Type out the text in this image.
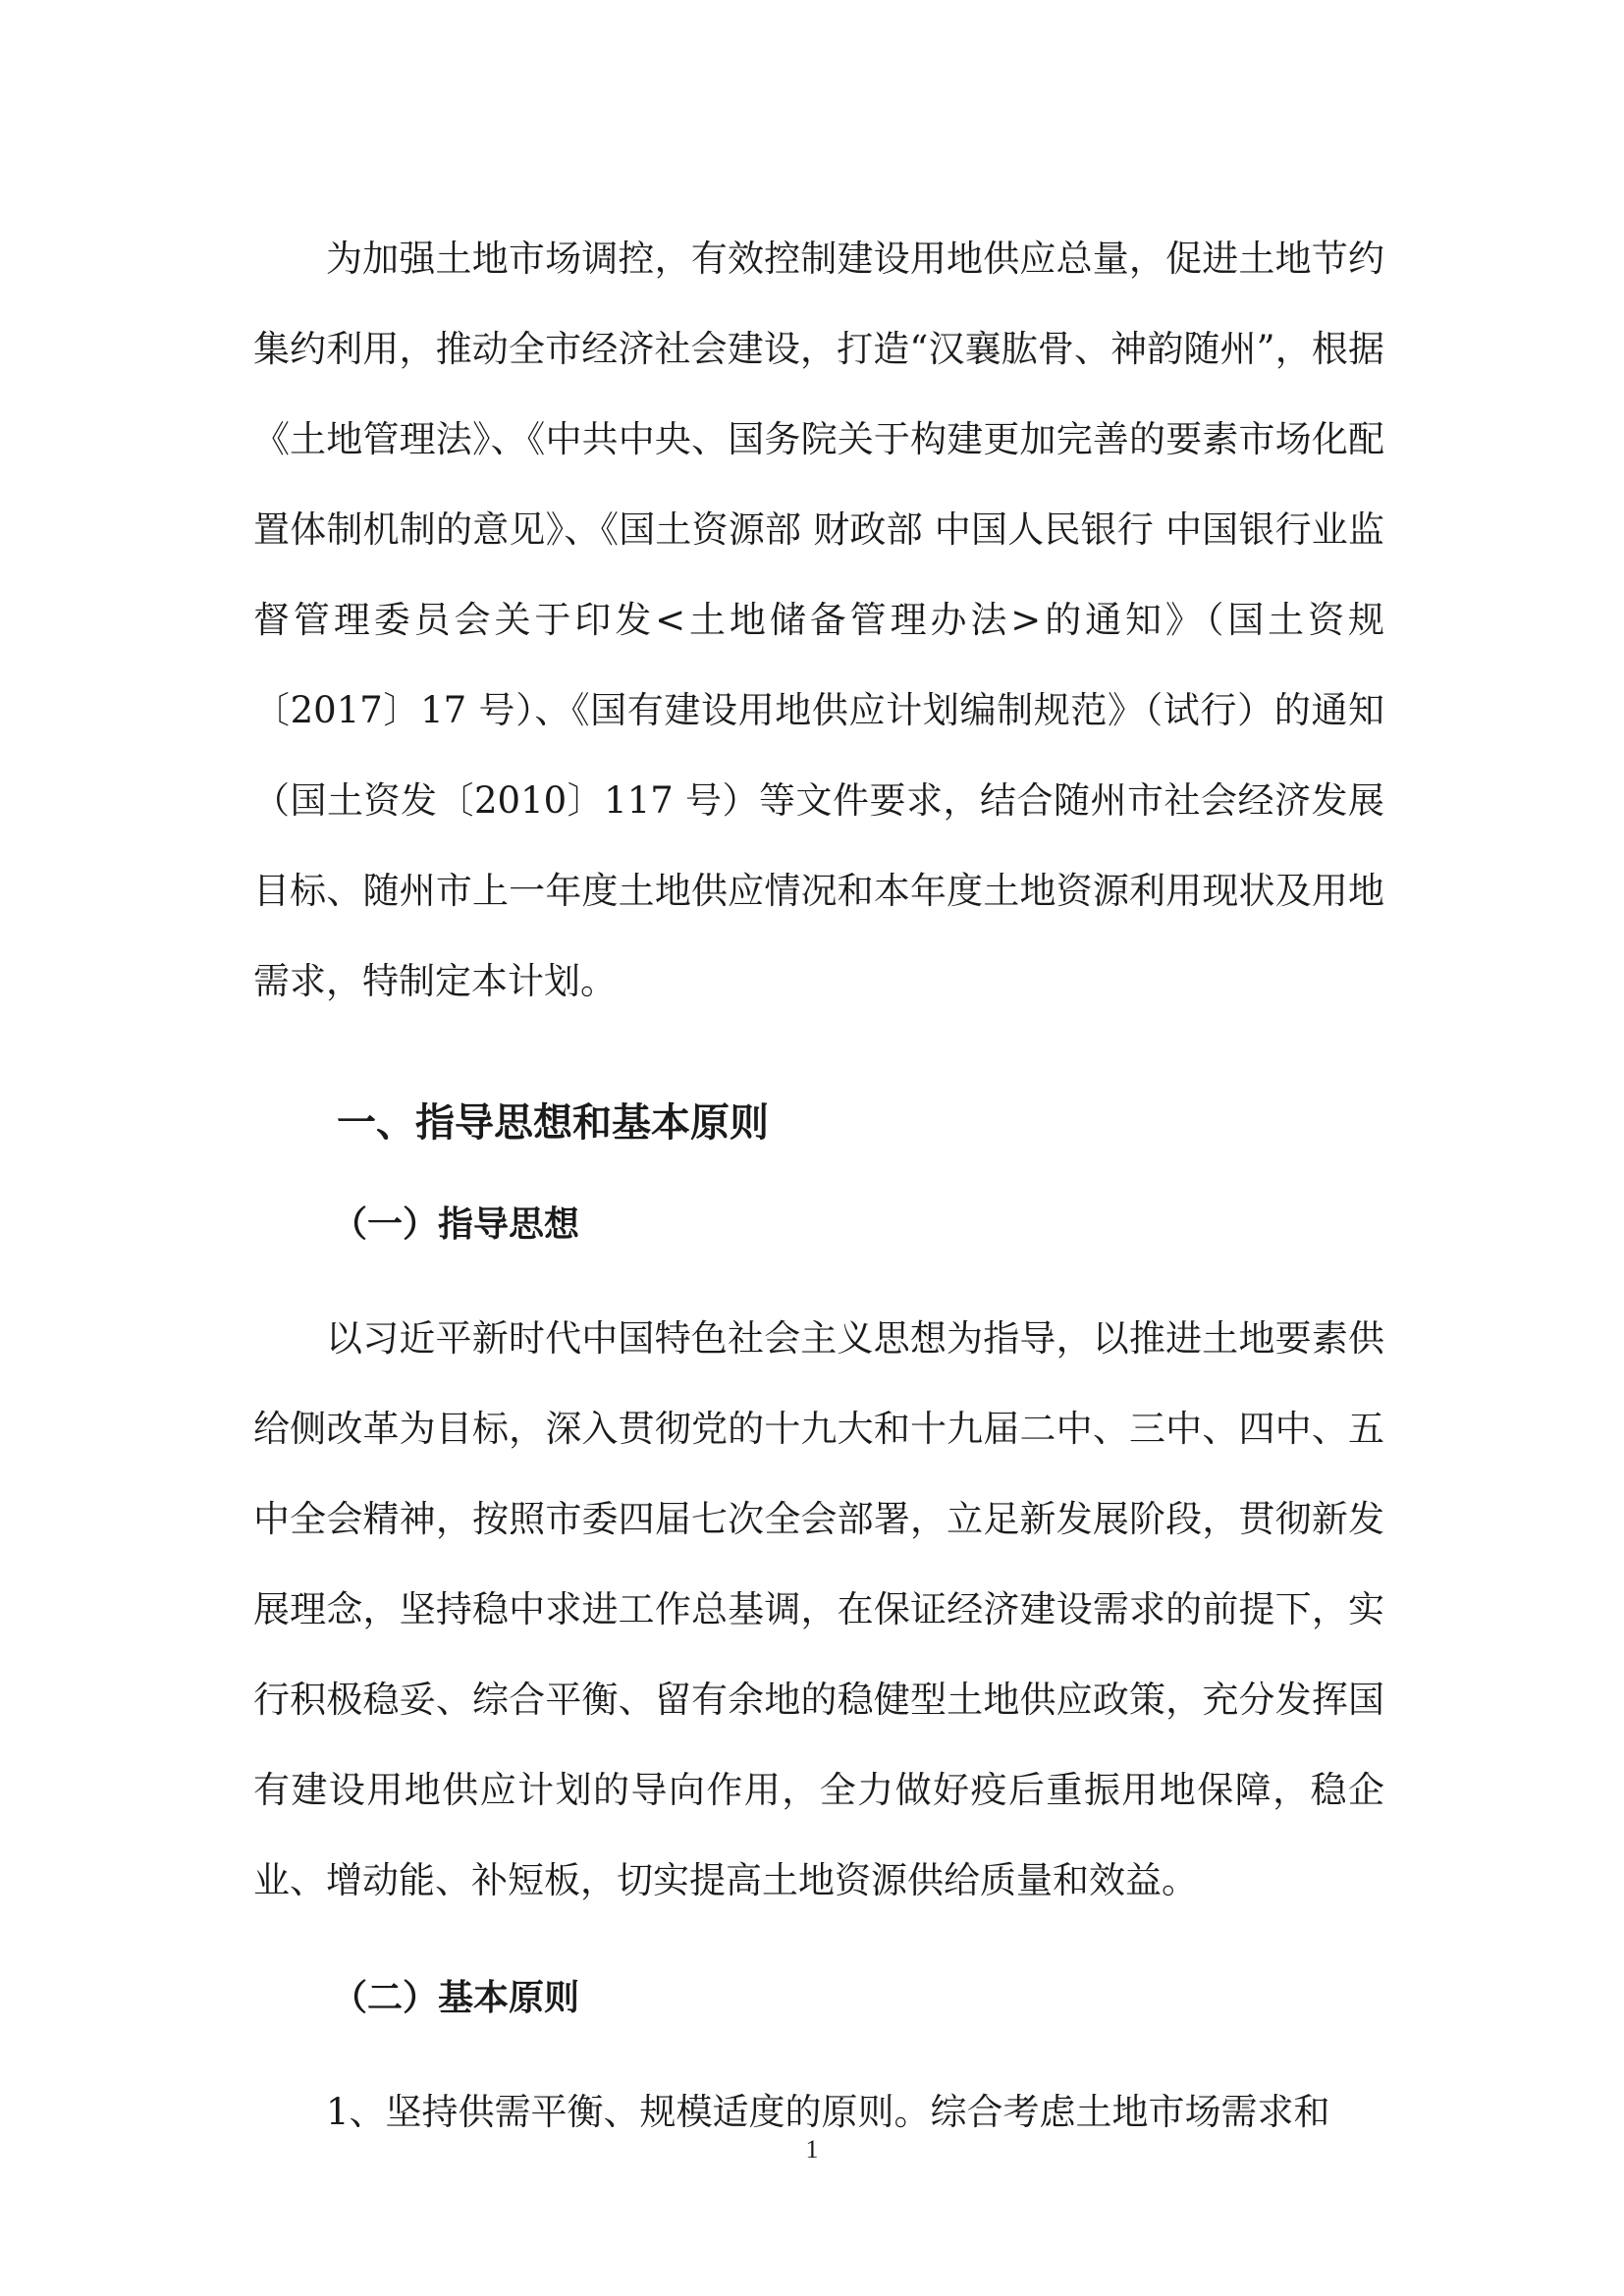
为加强土地市场调控，有效控制建设用地供应总量，促进土地节约集约利用，推动全市经济社会建设，打造“汉襄肱骨、神韵随州”，根据《土地管理法》、《中共中央、国务院关于构建更加完善的要素市场化配置体制机制的意见》、《国土资源部 财政部 中国人民银行 中国银行业监督管理委员会关于印发<土地储备管理办法>的通知》（国土资规〔2017〕17 号）、《国有建设用地供应计划编制规范》（试行）的通知（国土资发〔2010〕117 号）等文件要求，结合随州市社会经济发展目标、随州市上一年度土地供应情况和本年度土地资源利用现状及用地需求，特制定本计划。

一、指导思想和基本原则
（一）指导思想

以习近平新时代中国特色社会主义思想为指导，以推进土地要素供给侧改革为目标，深入贯彻党的十九大和十九届二中、三中、四中、五中全会精神，按照市委四届七次全会部署，立足新发展阶段，贯彻新发展理念，坚持稳中求进工作总基调，在保证经济建设需求的前提下，实行积极稳妥、综合平衡、留有余地的稳健型土地供应政策，充分发挥国有建设用地供应计划的导向作用，全力做好疫后重振用地保障，稳企业、增动能、补短板，切实提高土地资源供给质量和效益。

（二）基本原则

1、坚持供需平衡、规模适度的原则。综合考虑土地市场需求和

1
